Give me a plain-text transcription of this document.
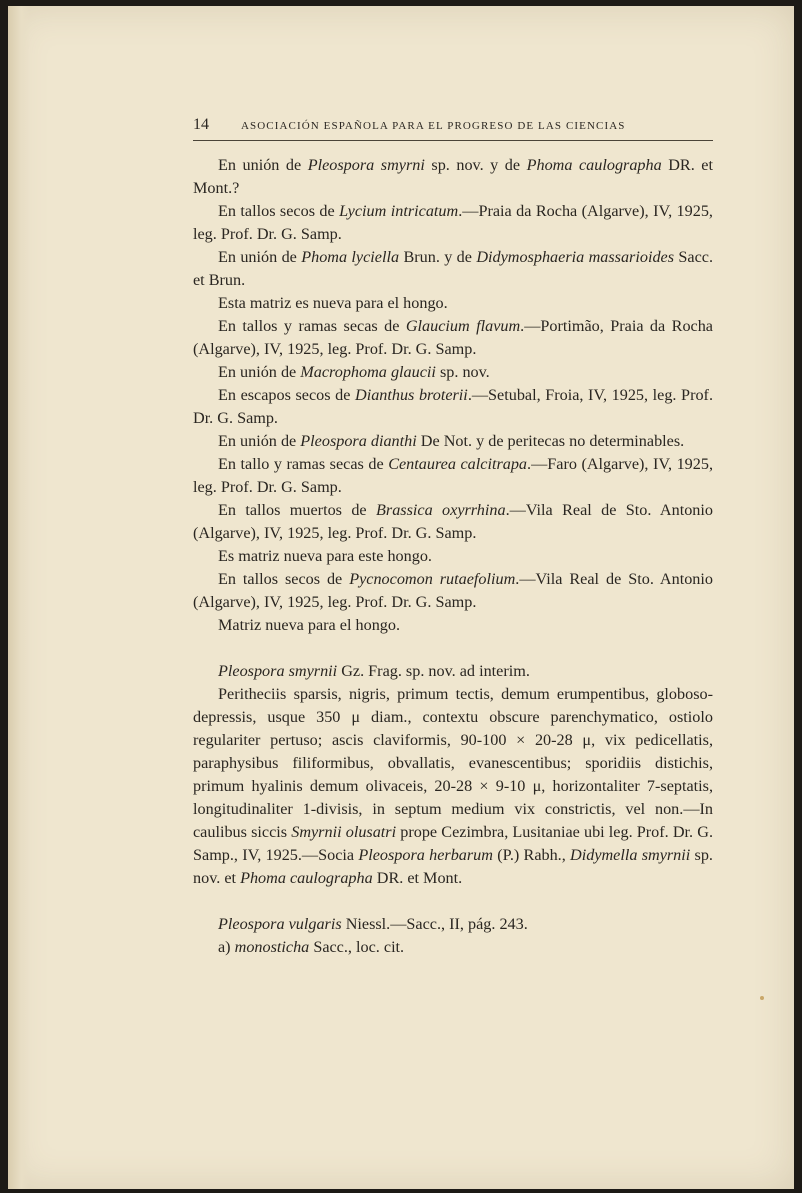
14	ASOCIACIÓN ESPAÑOLA PARA EL PROGRESO DE LAS CIENCIAS

En unión de Pleospora smyrni sp. nov. y de Phoma caulographa DR. et Mont.?

En tallos secos de Lycium intricatum.—Praia da Rocha (Algarve), IV, 1925, leg. Prof. Dr. G. Samp.

En unión de Phoma lyciella Brun. y de Didymosphaeria massarioides Sacc. et Brun.

Esta matriz es nueva para el hongo.

En tallos y ramas secas de Glaucium flavum.—Portimão, Praia da Rocha (Algarve), IV, 1925, leg. Prof. Dr. G. Samp.

En unión de Macrophoma glaucii sp. nov.

En escapos secos de Dianthus broterii.—Setubal, Froia, IV, 1925, leg. Prof. Dr. G. Samp.

En unión de Pleospora dianthi De Not. y de peritecas no determinables.

En tallo y ramas secas de Centaurea calcitrapa.—Faro (Algarve), IV, 1925, leg. Prof. Dr. G. Samp.

En tallos muertos de Brassica oxyrrhina.—Vila Real de Sto. Antonio (Algarve), IV, 1925, leg. Prof. Dr. G. Samp.

Es matriz nueva para este hongo.

En tallos secos de Pycnocomon rutaefolium.—Vila Real de Sto. Antonio (Algarve), IV, 1925, leg. Prof. Dr. G. Samp.

Matriz nueva para el hongo.

Pleospora smyrnii Gz. Frag. sp. nov. ad interim.

Peritheciis sparsis, nigris, primum tectis, demum erumpentibus, globoso-depressis, usque 350 μ diam., contextu obscure parenchymatico, ostiolo regulariter pertuso; ascis claviformis, 90-100 × 20-28 μ, vix pedicellatis, paraphysibus filiformibus, obvallatis, evanescentibus; sporidiis distichis, primum hyalinis demum olivaceis, 20-28 × 9-10 μ, horizontaliter 7-septatis, longitudinaliter 1-divisis, in septum medium vix constrictis, vel non.—In caulibus siccis Smyrnii olusatri prope Cezimbra, Lusitaniae ubi leg. Prof. Dr. G. Samp., IV, 1925.—Socia Pleospora herbarum (P.) Rabh., Didymella smyrnii sp. nov. et Phoma caulographa DR. et Mont.

Pleospora vulgaris Niessl.—Sacc., II, pág. 243.

a) monosticha Sacc., loc. cit.
